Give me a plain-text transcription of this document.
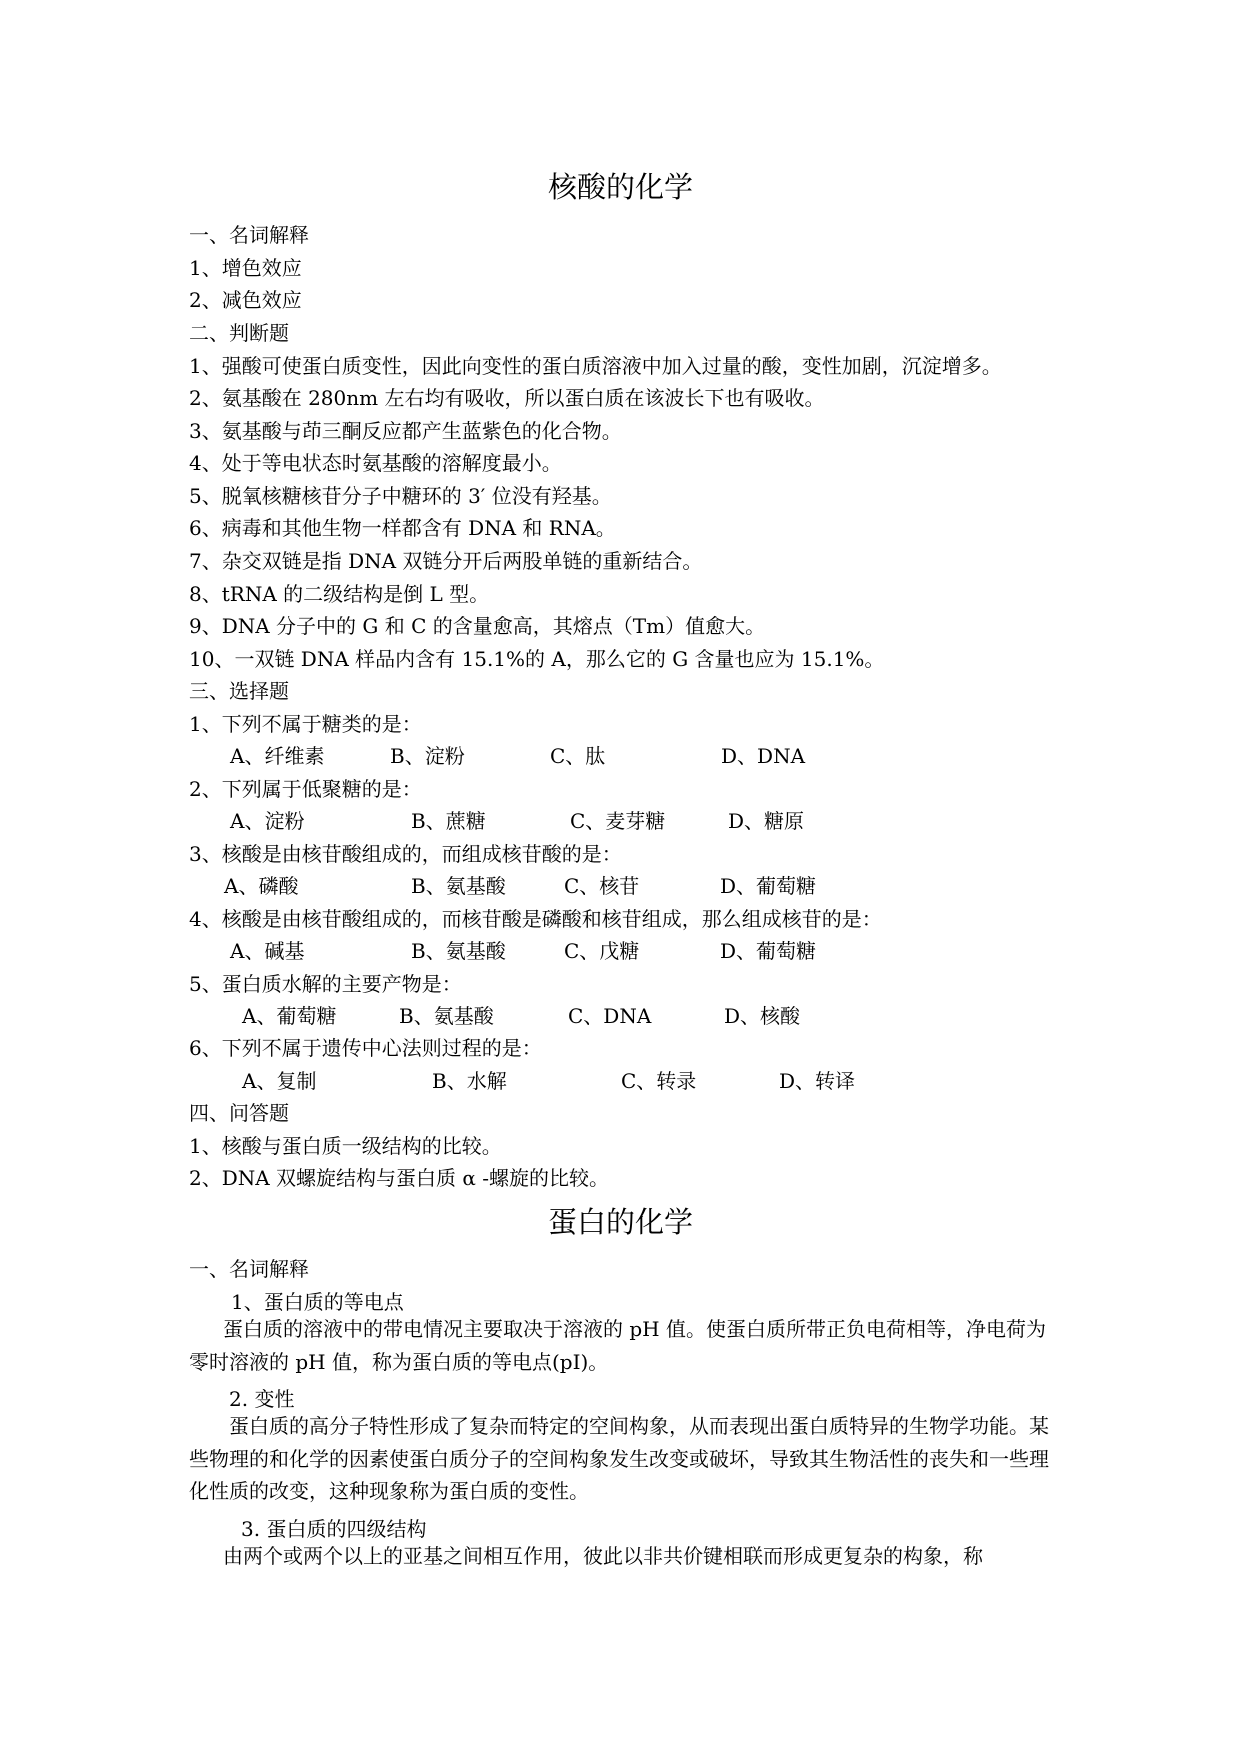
核酸的化学
一、名词解释
1、增色效应
2、减色效应
二、判断题
1、强酸可使蛋白质变性，因此向变性的蛋白质溶液中加入过量的酸，变性加剧，沉淀增多。
2、氨基酸在 280nm 左右均有吸收，所以蛋白质在该波长下也有吸收。
3、氨基酸与茚三酮反应都产生蓝紫色的化合物。
4、处于等电状态时氨基酸的溶解度最小。
5、脱氧核糖核苷分子中糖环的 3′ 位没有羟基。
6、病毒和其他生物一样都含有 DNA 和 RNA。
7、杂交双链是指 DNA 双链分开后两股单链的重新结合。
8、tRNA 的二级结构是倒 L 型。
9、DNA 分子中的 G 和 C 的含量愈高，其熔点（Tm）值愈大。
10、一双链 DNA 样品内含有 15.1%的 A，那么它的 G 含量也应为 15.1%。
三、选择题
1、下列不属于糖类的是：
A、纤维素	B、淀粉	C、肽	D、DNA
2、下列属于低聚糖的是：
A、淀粉	B、蔗糖	C、麦芽糖	D、糖原
3、核酸是由核苷酸组成的，而组成核苷酸的是：
A、磷酸	B、氨基酸	C、核苷	D、葡萄糖
4、核酸是由核苷酸组成的，而核苷酸是磷酸和核苷组成，那么组成核苷的是：
A、碱基	B、氨基酸	C、戊糖	D、葡萄糖
5、蛋白质水解的主要产物是：
A、葡萄糖	B、氨基酸	C、DNA	D、核酸
6、下列不属于遗传中心法则过程的是：
A、复制	B、水解	C、转录	D、转译
四、问答题
1、核酸与蛋白质一级结构的比较。
2、DNA 双螺旋结构与蛋白质 α -螺旋的比较。
蛋白的化学
一、名词解释
1、蛋白质的等电点
蛋白质的溶液中的带电情况主要取决于溶液的 pH 值。使蛋白质所带正负电荷相等，净电荷为零时溶液的 pH 值，称为蛋白质的等电点(pI)。
2. 变性
蛋白质的高分子特性形成了复杂而特定的空间构象，从而表现出蛋白质特异的生物学功能。某些物理的和化学的因素使蛋白质分子的空间构象发生改变或破坏，导致其生物活性的丧失和一些理化性质的改变，这种现象称为蛋白质的变性。
3. 蛋白质的四级结构
由两个或两个以上的亚基之间相互作用，彼此以非共价键相联而形成更复杂的构象，称
